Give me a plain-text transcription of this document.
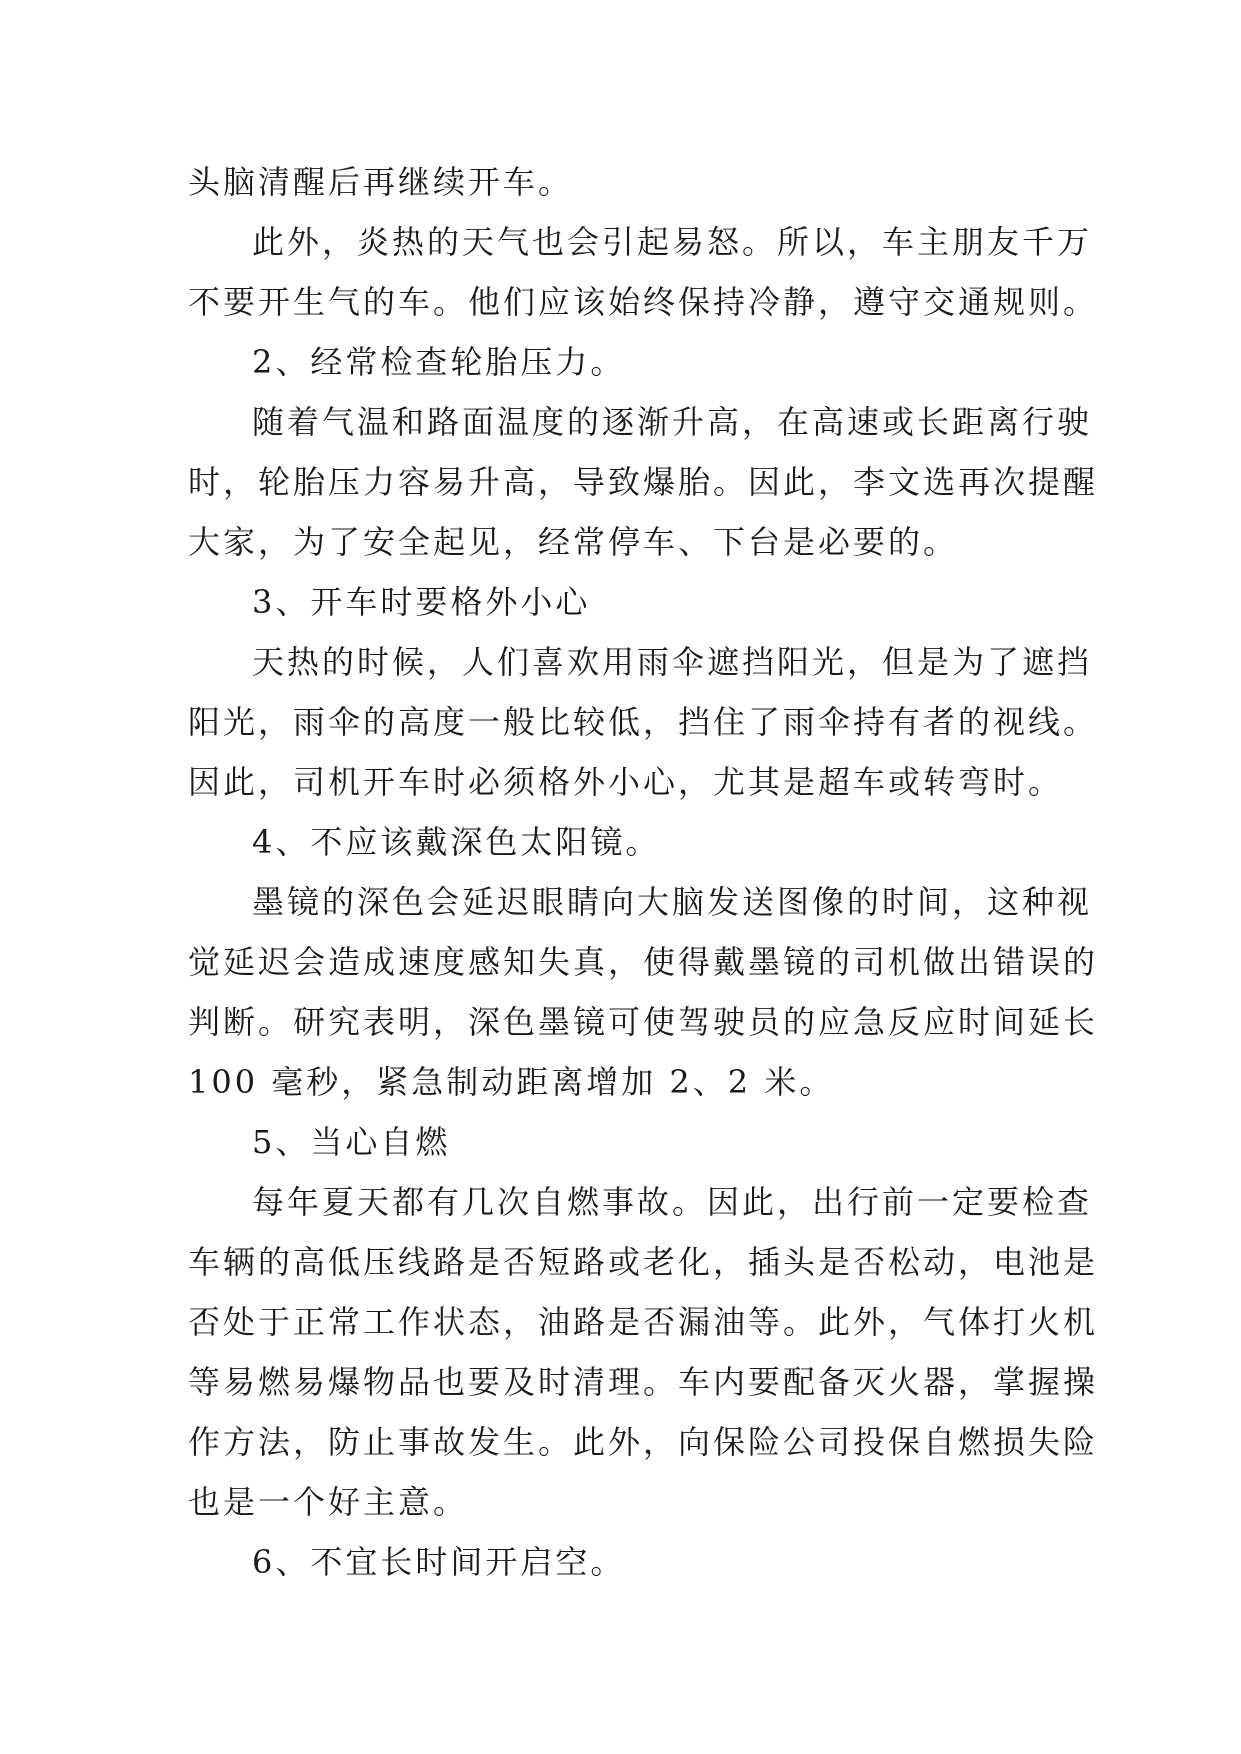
头脑清醒后再继续开车。
此外，炎热的天气也会引起易怒。所以，车主朋友千万
不要开生气的车。他们应该始终保持冷静，遵守交通规则。
2、经常检查轮胎压力。
随着气温和路面温度的逐渐升高，在高速或长距离行驶
时，轮胎压力容易升高，导致爆胎。因此，李文选再次提醒
大家，为了安全起见，经常停车、下台是必要的。
3、开车时要格外小心
天热的时候，人们喜欢用雨伞遮挡阳光，但是为了遮挡
阳光，雨伞的高度一般比较低，挡住了雨伞持有者的视线。
因此，司机开车时必须格外小心，尤其是超车或转弯时。
4、不应该戴深色太阳镜。
墨镜的深色会延迟眼睛向大脑发送图像的时间，这种视
觉延迟会造成速度感知失真，使得戴墨镜的司机做出错误的
判断。研究表明，深色墨镜可使驾驶员的应急反应时间延长
100 毫秒，紧急制动距离增加 2、2 米。
5、当心自燃
每年夏天都有几次自燃事故。因此，出行前一定要检查
车辆的高低压线路是否短路或老化，插头是否松动，电池是
否处于正常工作状态，油路是否漏油等。此外，气体打火机
等易燃易爆物品也要及时清理。车内要配备灭火器，掌握操
作方法，防止事故发生。此外，向保险公司投保自燃损失险
也是一个好主意。
6、不宜长时间开启空。
